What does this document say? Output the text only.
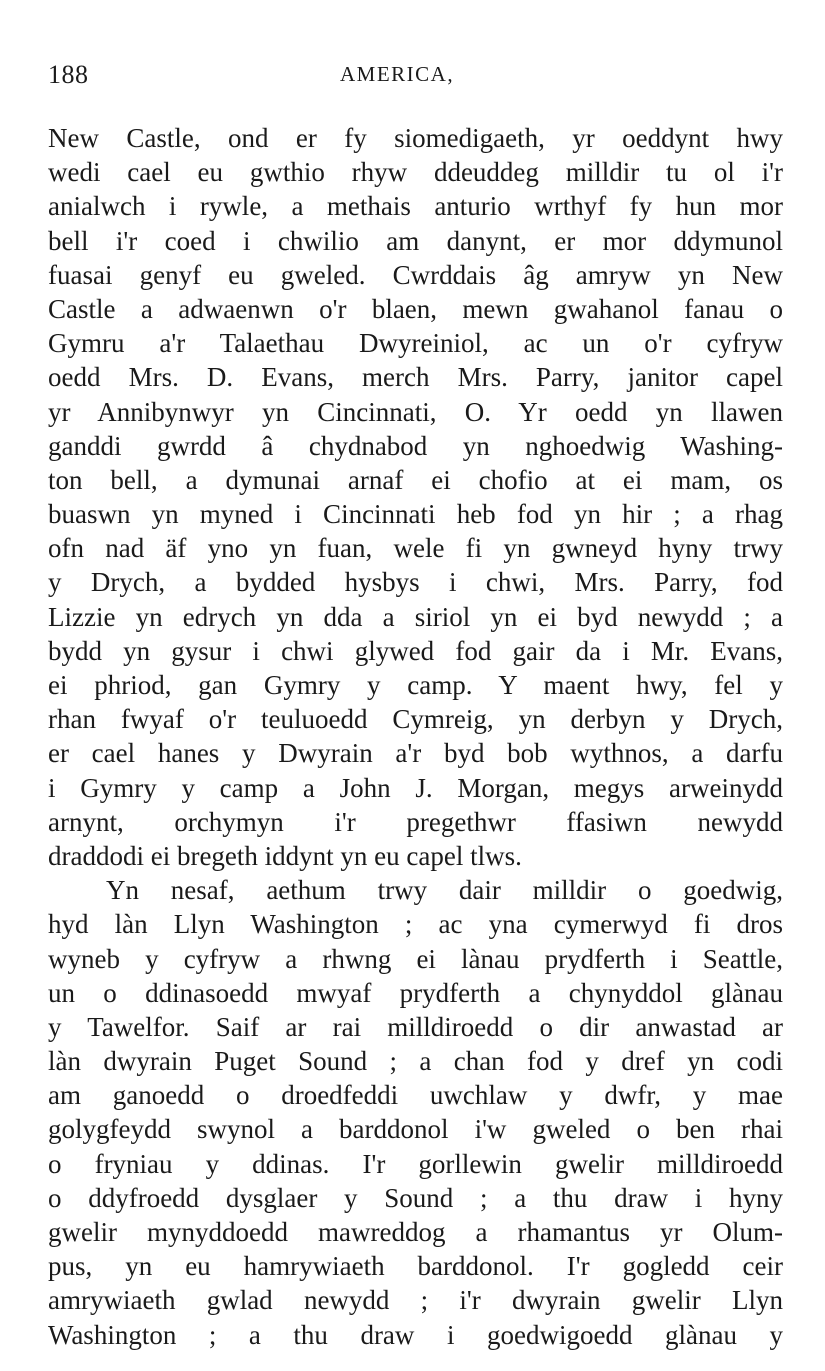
188	AMERICA,
New Castle, ond er fy siomedigaeth, yr oeddynt hwy
wedi cael eu gwthio rhyw ddeuddeg milldir tu ol i'r
anialwch i rywle, a methais anturio wrthyf fy hun mor
bell i'r coed i chwilio am danynt, er mor ddymunol
fuasai genyf eu gweled. Cwrddais âg amryw yn New
Castle a adwaenwn o'r blaen, mewn gwahanol fanau o
Gymru a'r Talaethau Dwyreiniol, ac un o'r cyfryw
oedd Mrs. D. Evans, merch Mrs. Parry, janitor capel
yr Annibynwyr yn Cincinnati, O. Yr oedd yn llawen
ganddi gwrdd â chydnabod yn nghoedwig Washing-
ton bell, a dymunai arnaf ei chofio at ei mam, os
buaswn yn myned i Cincinnati heb fod yn hir ; a rhag
ofn nad äf yno yn fuan, wele fi yn gwneyd hyny trwy
y Drych, a bydded hysbys i chwi, Mrs. Parry, fod
Lizzie yn edrych yn dda a siriol yn ei byd newydd ; a
bydd yn gysur i chwi glywed fod gair da i Mr. Evans,
ei phriod, gan Gymry y camp. Y maent hwy, fel y
rhan fwyaf o'r teuluoedd Cymreig, yn derbyn y Drych,
er cael hanes y Dwyrain a'r byd bob wythnos, a darfu
i Gymry y camp a John J. Morgan, megys arweinydd
arnynt, orchymyn i'r pregethwr ffasiwn newydd
draddodi ei bregeth iddynt yn eu capel tlws.
Yn nesaf, aethum trwy dair milldir o goedwig,
hyd làn Llyn Washington ; ac yna cymerwyd fi dros
wyneb y cyfryw a rhwng ei lànau prydferth i Seattle,
un o ddinasoedd mwyaf prydferth a chynyddol glànau
y Tawelfor. Saif ar rai milldiroedd o dir anwastad ar
làn dwyrain Puget Sound ; a chan fod y dref yn codi
am ganoedd o droedfeddi uwchlaw y dwfr, y mae
golygfeydd swynol a barddonol i'w gweled o ben rhai
o fryniau y ddinas. I'r gorllewin gwelir milldiroedd
o ddyfroedd dysglaer y Sound ; a thu draw i hyny
gwelir mynyddoedd mawreddog a rhamantus yr Olum-
pus, yn eu hamrywiaeth barddonol. I'r gogledd ceir
amrywiaeth gwlad newydd ; i'r dwyrain gwelir Llyn
Washington ; a thu draw i goedwigoedd glànau y
